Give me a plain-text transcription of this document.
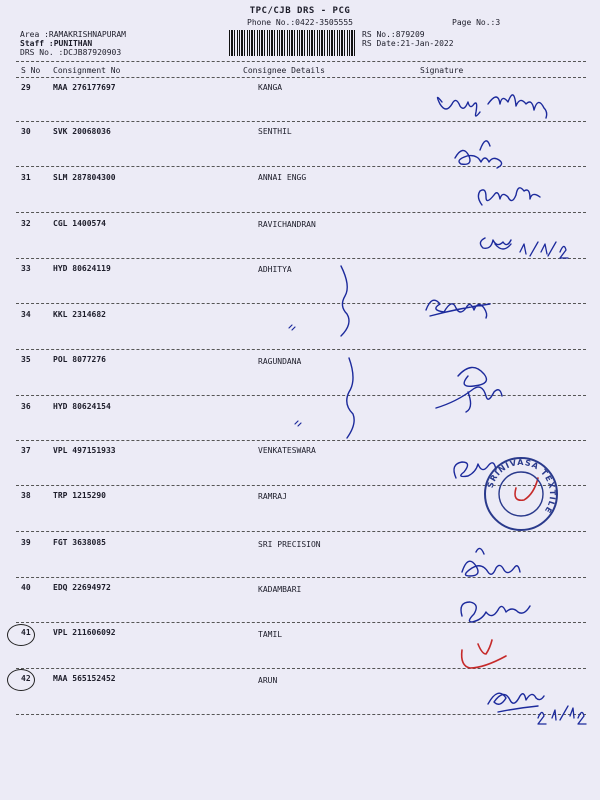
TPC/CJB DRS - PCG
Phone No.:0422-3505555	Page No.:3
Area :RAMAKRISHNAPURAM
Staff :PUNITHAN
DRS No. :DCJB87920903
RS No.:879209
RS Date:21-Jan-2022
S No Consignment No	Consignee Details	Signature
29	MAA 276177697	KANGA
30	SVK 20068036	SENTHIL
31	SLM 287804300	ANNAI ENGG
32	CGL 1400574	RAVICHANDRAN
33	HYD 80624119	ADHITYA
34	KKL 2314682
35	POL 8077276	RAGUNDANA
36	HYD 80624154
37	VPL 497151933	VENKATESWARA
38	TRP 1215290	RAMRAJ
39	FGT 3638085	SRI PRECISION
40	EDQ 22694972	KADAMBARI
41	VPL 211606092	TAMIL
42	MAA 565152452	ARUN
SRINIVASA TEXTILE
